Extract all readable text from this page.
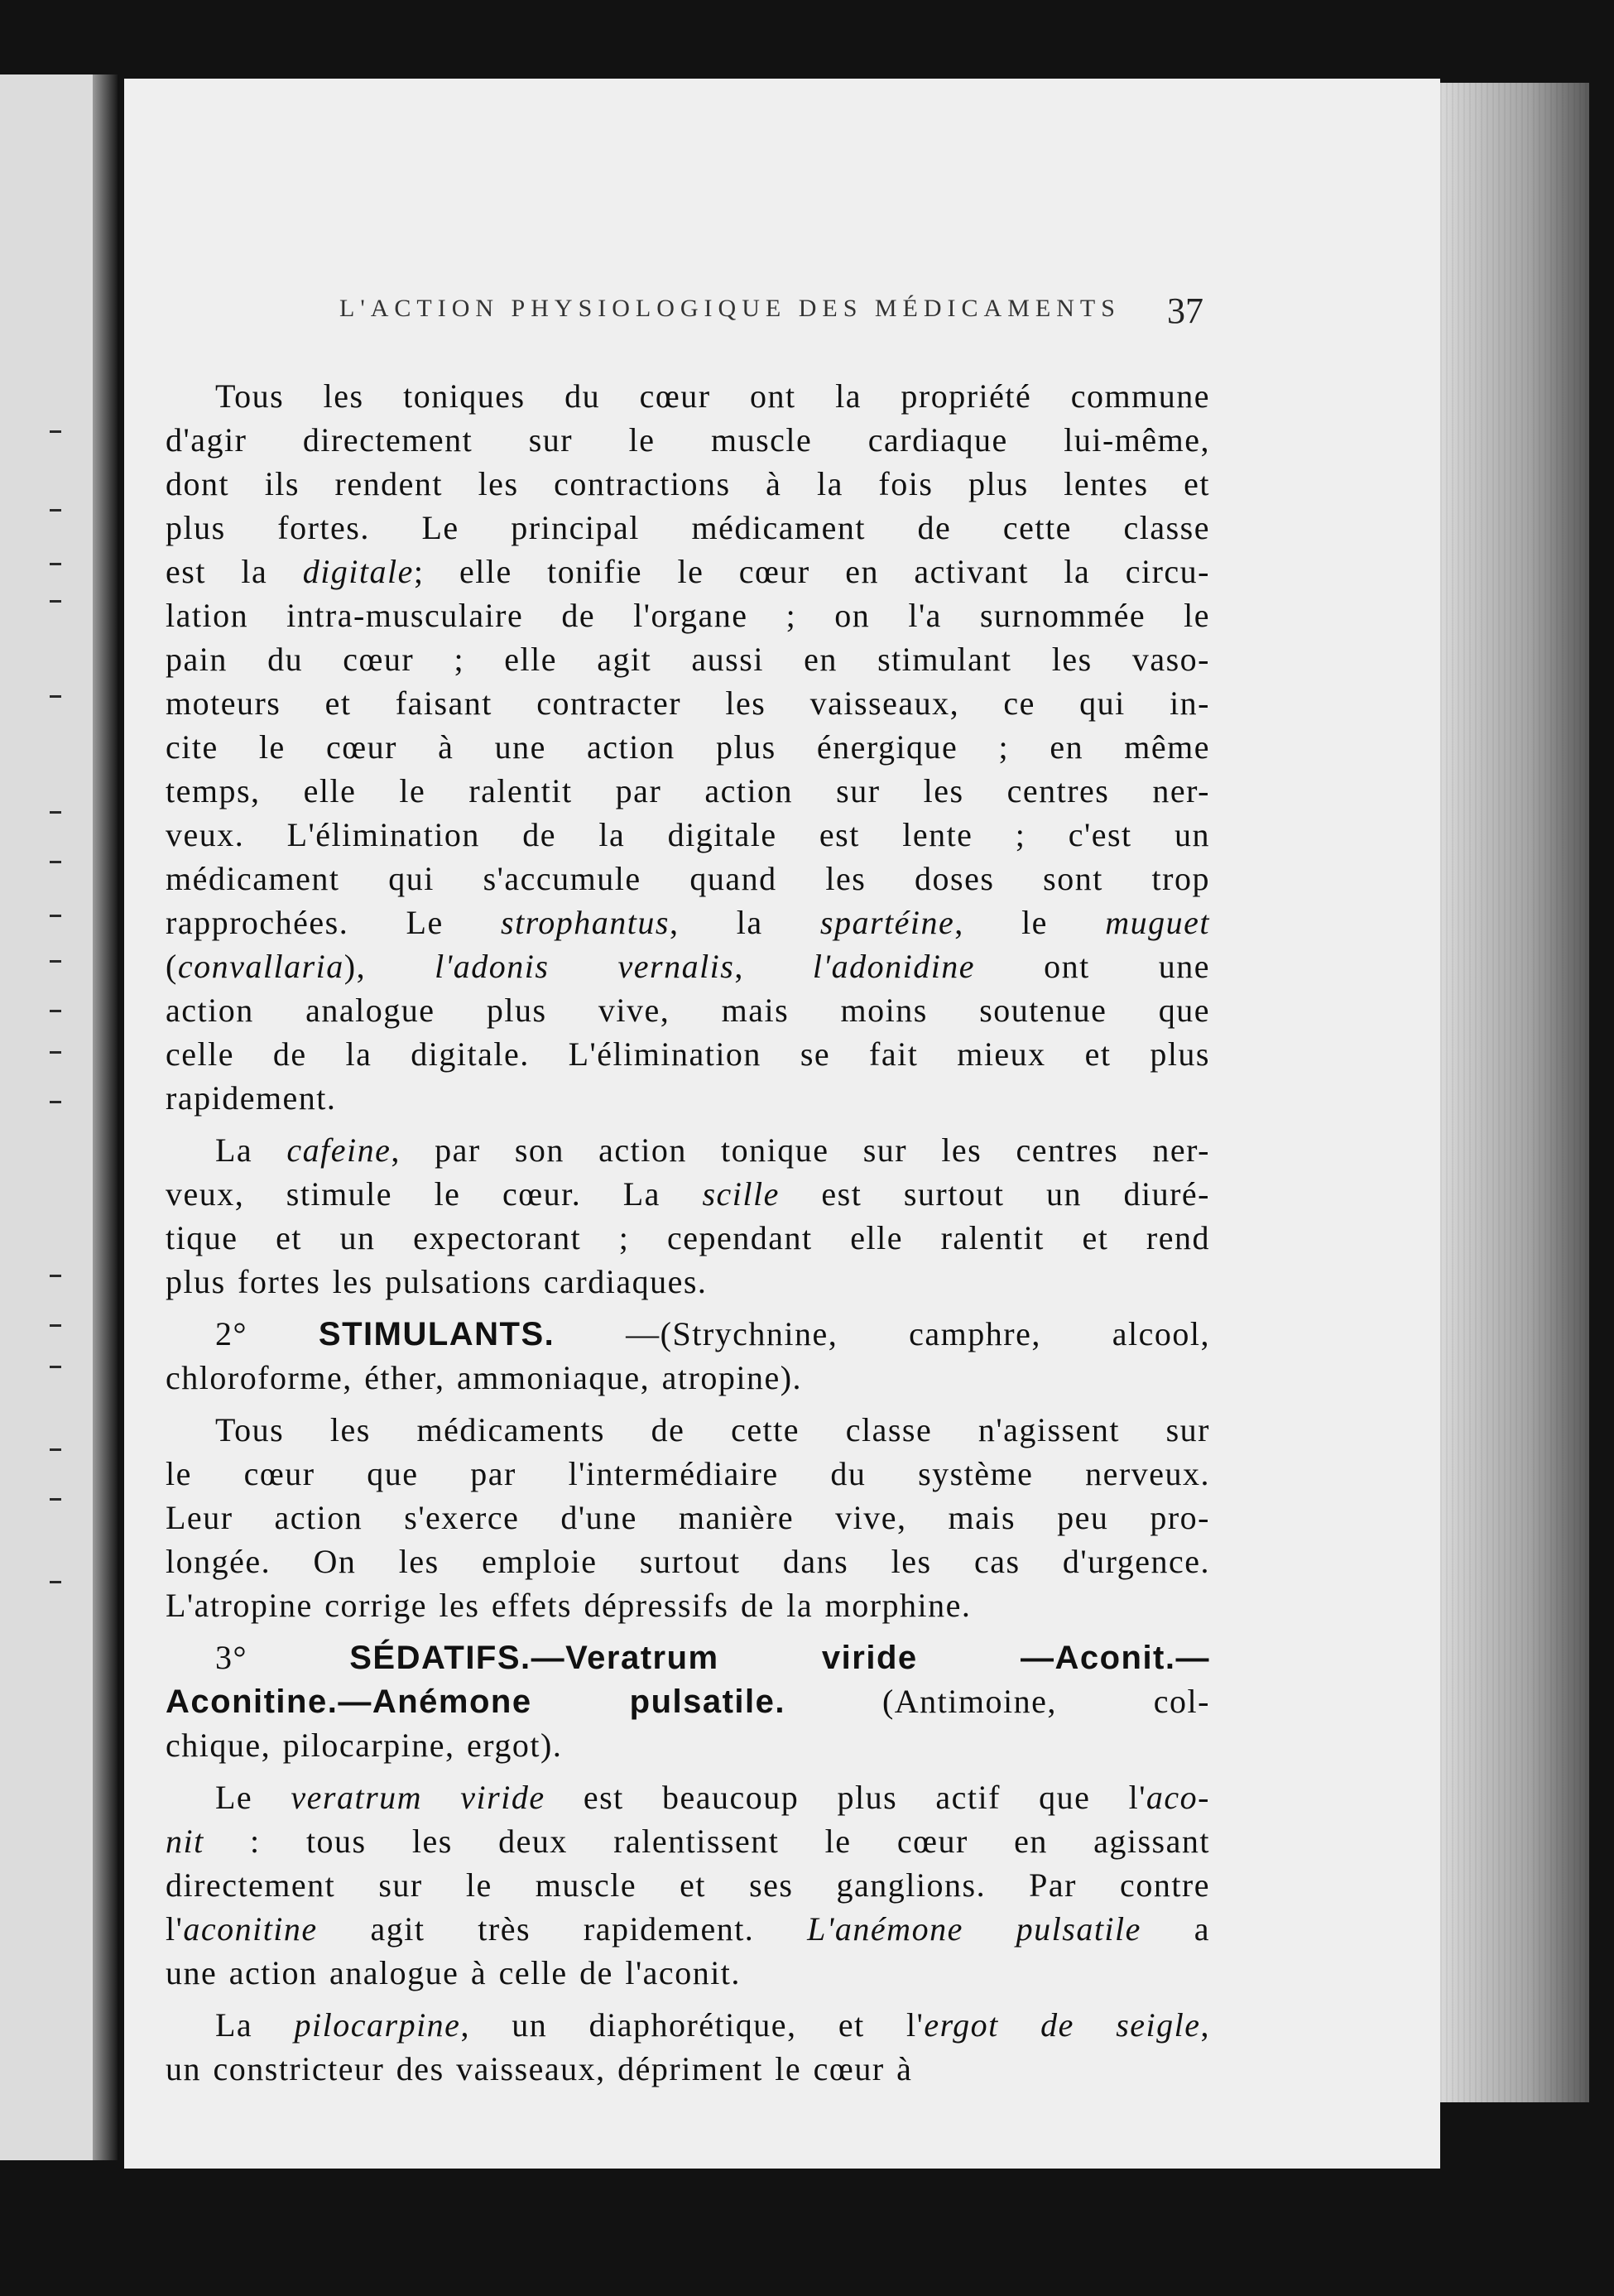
L'ACTION PHYSIOLOGIQUE DES MÉDICAMENTS 37
Tous les toniques du cœur ont la propriété commune
d'agir directement sur le muscle cardiaque lui-même,
dont ils rendent les contractions à la fois plus lentes et
plus fortes. Le principal médicament de cette classe
est la digitale; elle tonifie le cœur en activant la circu-
lation intra-musculaire de l'organe ; on l'a surnommée le
pain du cœur ; elle agit aussi en stimulant les vaso-
moteurs et faisant contracter les vaisseaux, ce qui in-
cite le cœur à une action plus énergique ; en même
temps, elle le ralentit par action sur les centres ner-
veux. L'élimination de la digitale est lente ; c'est un
médicament qui s'accumule quand les doses sont trop
rapprochées. Le strophantus, la spartéine, le muguet
(convallaria), l'adonis vernalis, l'adonidine ont une
action analogue plus vive, mais moins soutenue que
celle de la digitale. L'élimination se fait mieux et plus
rapidement.
La cafeine, par son action tonique sur les centres ner-
veux, stimule le cœur. La scille est surtout un diuré-
tique et un expectorant ; cependant elle ralentit et rend
plus fortes les pulsations cardiaques.
2° STIMULANTS. —(Strychnine, camphre, alcool,
chloroforme, éther, ammoniaque, atropine).
Tous les médicaments de cette classe n'agissent sur
le cœur que par l'intermédiaire du système nerveux.
Leur action s'exerce d'une manière vive, mais peu pro-
longée. On les emploie surtout dans les cas d'urgence.
L'atropine corrige les effets dépressifs de la morphine.
3° SÉDATIFS.—Veratrum viride —Aconit.—
Aconitine.—Anémone pulsatile. (Antimoine, col-
chique, pilocarpine, ergot).
Le veratrum viride est beaucoup plus actif que l'aco-
nit : tous les deux ralentissent le cœur en agissant
directement sur le muscle et ses ganglions. Par contre
l'aconitine agit très rapidement. L'anémone pulsatile a
une action analogue à celle de l'aconit.
La pilocarpine, un diaphorétique, et l'ergot de seigle,
un constricteur des vaisseaux, dépriment le cœur à
